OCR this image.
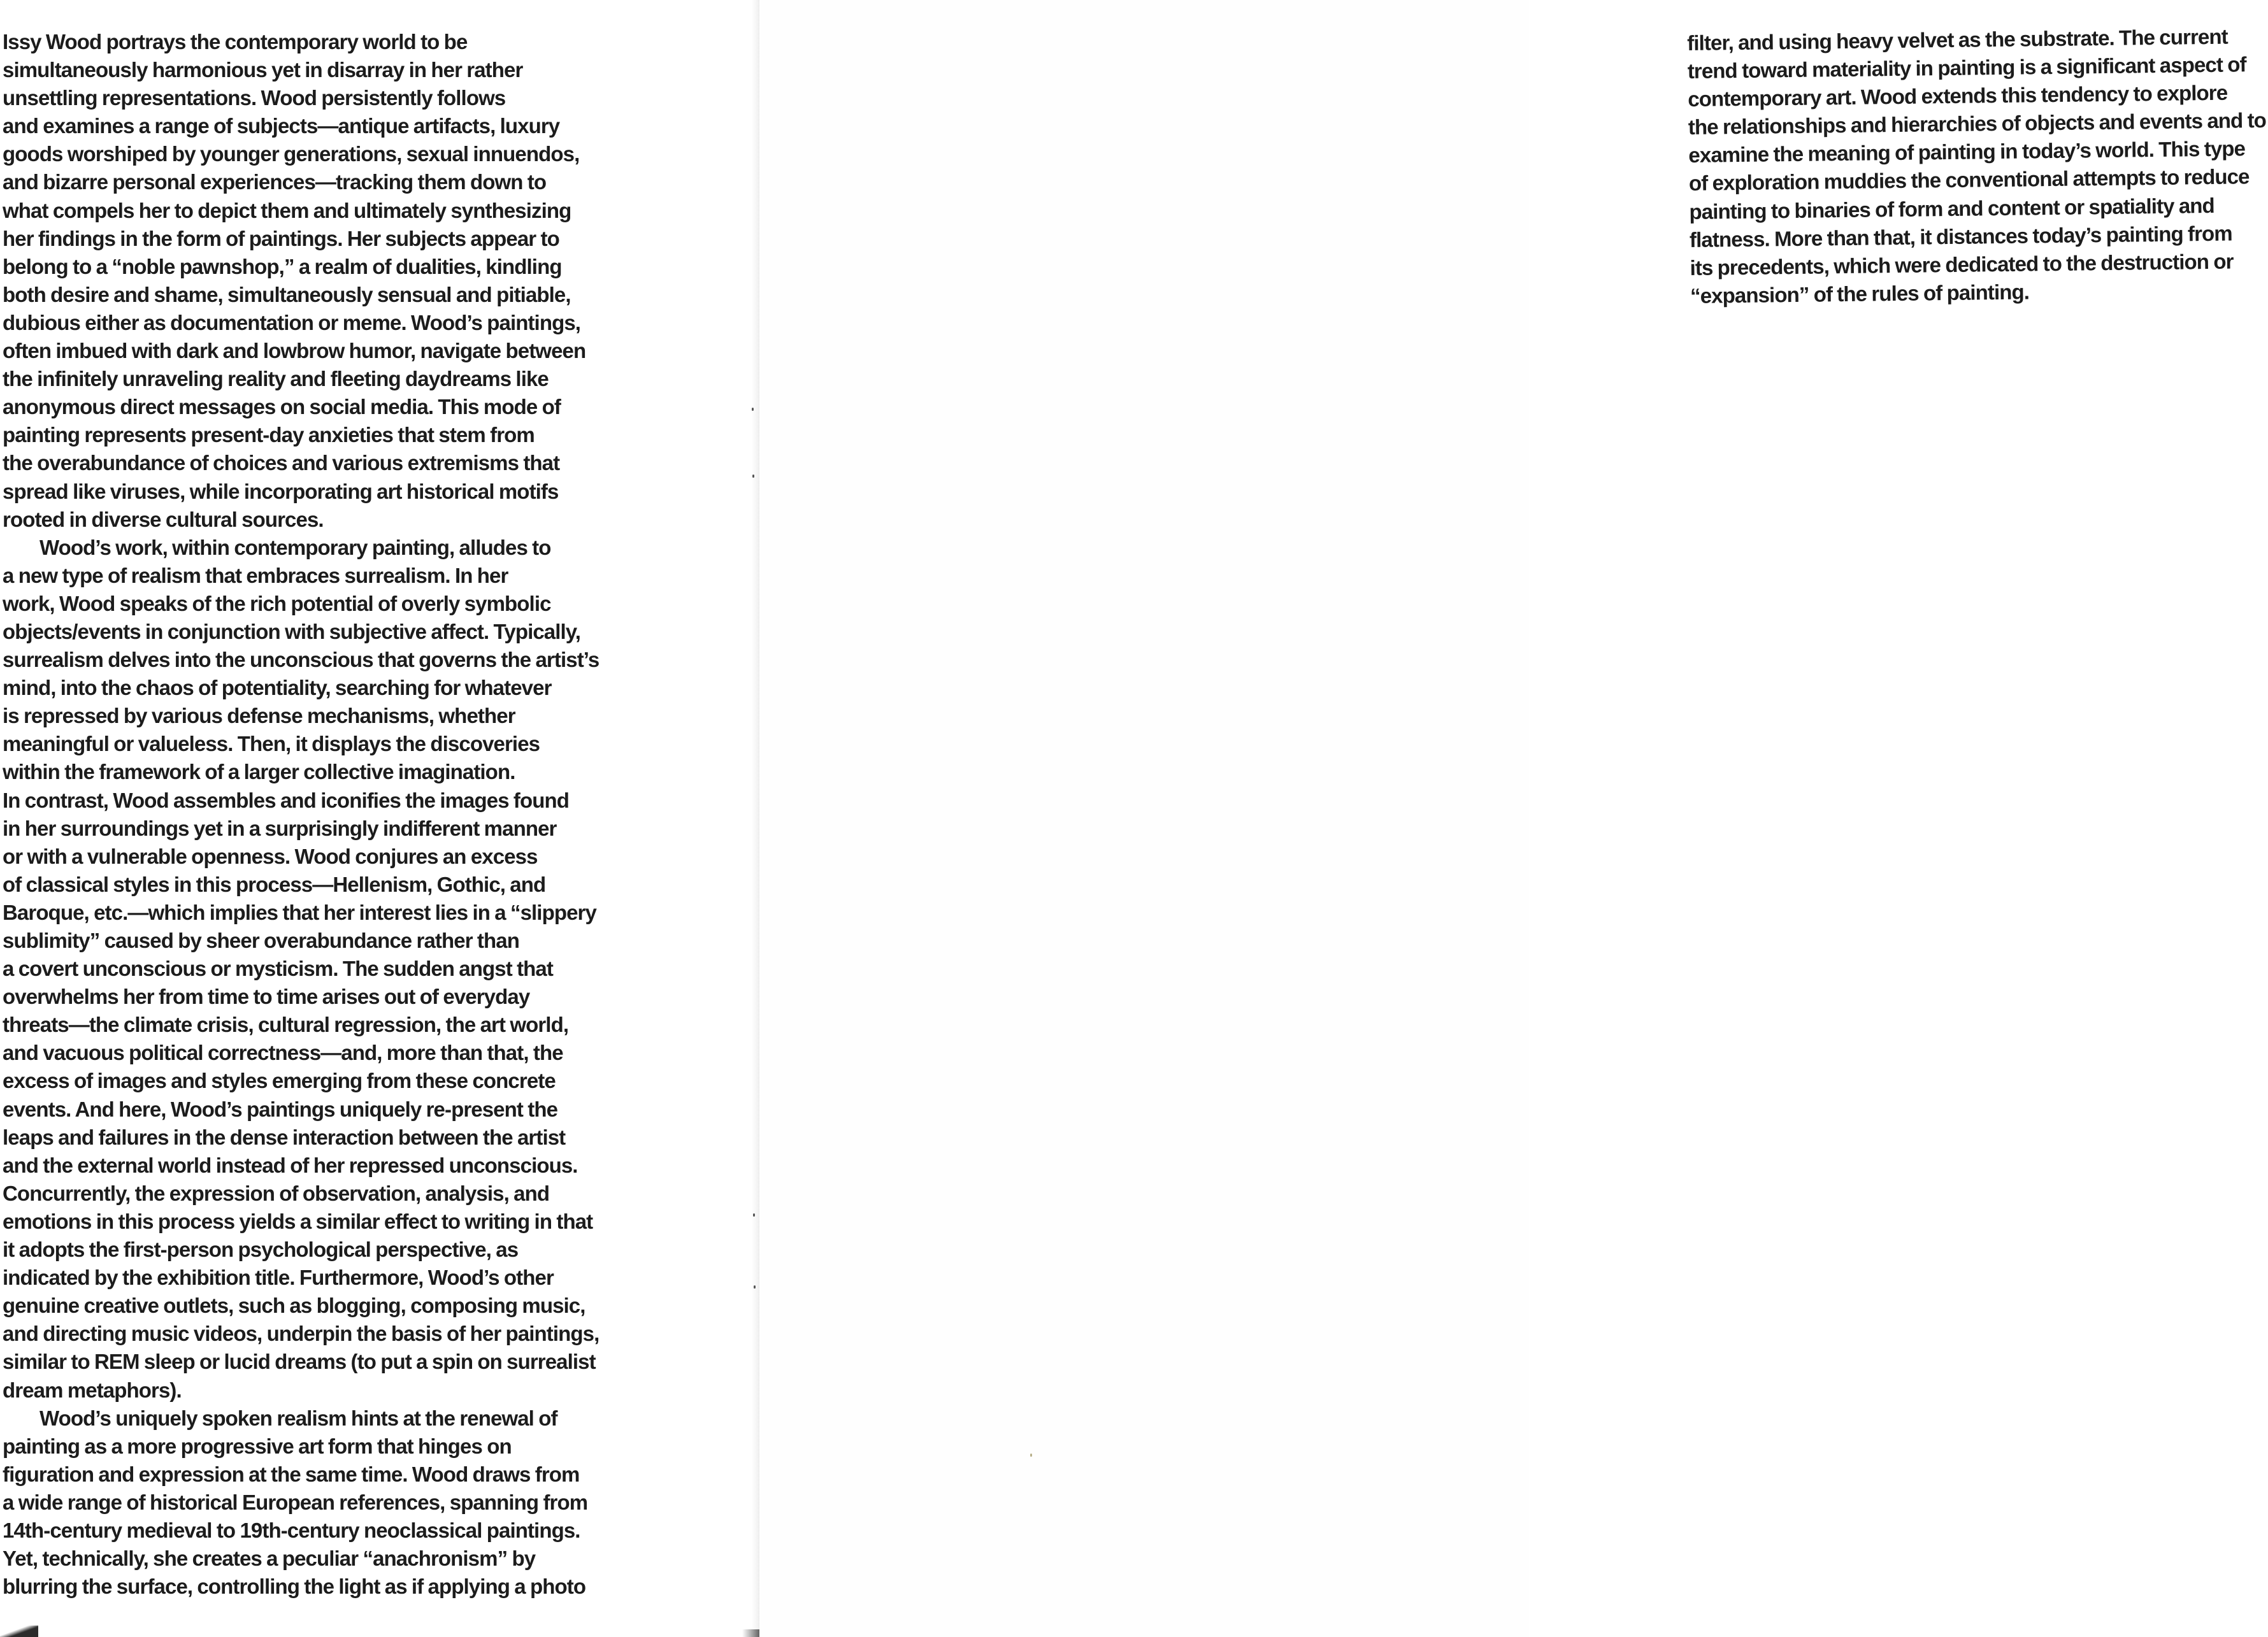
Issy Wood portrays the contemporary world to be
simultaneously harmonious yet in disarray in her rather
unsettling representations. Wood persistently follows
and examines a range of subjects—antique artifacts, luxury
goods worshiped by younger generations, sexual innuendos,
and bizarre personal experiences—tracking them down to
what compels her to depict them and ultimately synthesizing
her findings in the form of paintings. Her subjects appear to
belong to a “noble pawnshop,” a realm of dualities, kindling
both desire and shame, simultaneously sensual and pitiable,
dubious either as documentation or meme. Wood’s paintings,
often imbued with dark and lowbrow humor, navigate between
the infinitely unraveling reality and fleeting daydreams like
anonymous direct messages on social media. This mode of
painting represents present-day anxieties that stem from
the overabundance of choices and various extremisms that
spread like viruses, while incorporating art historical motifs
rooted in diverse cultural sources.
Wood’s work, within contemporary painting, alludes to
a new type of realism that embraces surrealism. In her
work, Wood speaks of the rich potential of overly symbolic
objects/events in conjunction with subjective affect. Typically,
surrealism delves into the unconscious that governs the artist’s
mind, into the chaos of potentiality, searching for whatever
is repressed by various defense mechanisms, whether
meaningful or valueless. Then, it displays the discoveries
within the framework of a larger collective imagination.
In contrast, Wood assembles and iconifies the images found
in her surroundings yet in a surprisingly indifferent manner
or with a vulnerable openness. Wood conjures an excess
of classical styles in this process—Hellenism, Gothic, and
Baroque, etc.—which implies that her interest lies in a “slippery
sublimity” caused by sheer overabundance rather than
a covert unconscious or mysticism. The sudden angst that
overwhelms her from time to time arises out of everyday
threats—the climate crisis, cultural regression, the art world,
and vacuous political correctness—and, more than that, the
excess of images and styles emerging from these concrete
events. And here, Wood’s paintings uniquely re-present the
leaps and failures in the dense interaction between the artist
and the external world instead of her repressed unconscious.
Concurrently, the expression of observation, analysis, and
emotions in this process yields a similar effect to writing in that
it adopts the first-person psychological perspective, as
indicated by the exhibition title. Furthermore, Wood’s other
genuine creative outlets, such as blogging, composing music,
and directing music videos, underpin the basis of her paintings,
similar to REM sleep or lucid dreams (to put a spin on surrealist
dream metaphors).
Wood’s uniquely spoken realism hints at the renewal of
painting as a more progressive art form that hinges on
figuration and expression at the same time. Wood draws from
a wide range of historical European references, spanning from
14th-century medieval to 19th-century neoclassical paintings.
Yet, technically, she creates a peculiar “anachronism” by
blurring the surface, controlling the light as if applying a photo
filter, and using heavy velvet as the substrate. The current
trend toward materiality in painting is a significant aspect of
contemporary art. Wood extends this tendency to explore
the relationships and hierarchies of objects and events and to
examine the meaning of painting in today’s world. This type
of exploration muddies the conventional attempts to reduce
painting to binaries of form and content or spatiality and
flatness. More than that, it distances today’s painting from
its precedents, which were dedicated to the destruction or
“expansion” of the rules of painting.
